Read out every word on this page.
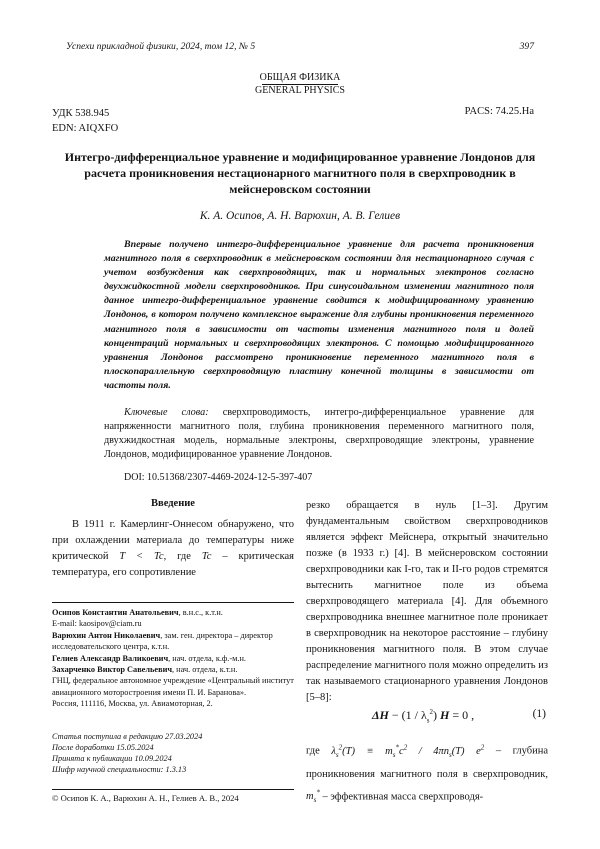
Успехи прикладной физики, 2024, том 12, № 5	397
ОБЩАЯ ФИЗИКА
GENERAL PHYSICS
УДК 538.945
EDN: AIQXFO
PACS: 74.25.Ha
Интегро-дифференциальное уравнение и модифицированное уравнение Лондонов для расчета проникновения нестационарного магнитного поля в сверхпроводник в мейснеровском состоянии
К. А. Осипов, А. Н. Варюхин, А. В. Гелиев
Впервые получено интегро-дифференциальное уравнение для расчета проникновения магнитного поля в сверхпроводник в мейснеровском состоянии для нестационарного случая с учетом возбуждения как сверхпроводящих, так и нормальных электронов согласно двухжидкостной модели сверхпроводников. При синусоидальном изменении магнитного поля данное интегро-дифференциальное уравнение сводится к модифицированному уравнению Лондонов, в котором получено комплексное выражение для глубины проникновения переменного магнитного поля в зависимости от частоты изменения магнитного поля и долей концентраций нормальных и сверхпроводящих электронов. С помощью модифицированного уравнения Лондонов рассмотрено проникновение переменного магнитного поля в плоскопараллельную сверхпроводящую пластину конечной толщины в зависимости от частоты поля.
Ключевые слова: сверхпроводимость, интегро-дифференциальное уравнение для напряженности магнитного поля, глубина проникновения переменного магнитного поля, двухжидкостная модель, нормальные электроны, сверхпроводящие электроны, уравнение Лондонов, модифицированное уравнение Лондонов.
DOI: 10.51368/2307-4469-2024-12-5-397-407
Введение

В 1911 г. Камерлинг-Оннесом обнаружено, что при охлаждении материала до температуры ниже критической T < Tc, где Tc – критическая температура, его сопротивление

Осипов Константин Анатольевич, в.н.с., к.т.н.
E-mail: kaosipov@ciam.ru
Варюхин Антон Николаевич, зам. ген. директора – директор исследовательского центра, к.т.н.
Гелиев Александр Валикоевич, нач. отдела, к.ф.-м.н.
Захарченко Виктор Савельевич, нач. отдела, к.т.н.
ГНЦ, федеральное автономное учреждение «Центральный институт авиационного моторостроения имени П. И. Баранова».
Россия, 111116, Москва, ул. Авиамоторная, 2.
Статья поступила в редакцию 27.03.2024
После доработки 15.05.2024
Принята к публикации 10.09.2024
Шифр научной специальности: 1.3.13
© Осипов К. А., Варюхин А. Н., Гелиев А. В., 2024

резко обращается в нуль [1–3]. Другим фундаментальным свойством сверхпроводников является эффект Мейснера, открытый значительно позже (в 1933 г.) [4]. В мейснеровском состоянии сверхпроводники как I-го, так и II-го родов стремятся вытеснить магнитное поле из объема сверхпроводящего материала [4]. Для объемного сверхпроводника внешнее магнитное поле проникает в сверхпроводник на некоторое расстояние – глубину проникновения магнитного поля. В этом случае распределение магнитного поля можно определить из так называемого стационарного уравнения Лондонов [5–8]:

$\Delta H - (1 / \lambda_s^2)$ H = 0 ,	(1)
где $\lambda_s^2(T) \equiv m_s^*c^2 / 4\pi n_s(T)$ $e^2$ – глубина проникновения магнитного поля в сверхпроводник, $m_s^*$ – эффективная масса сверхпроводя-
